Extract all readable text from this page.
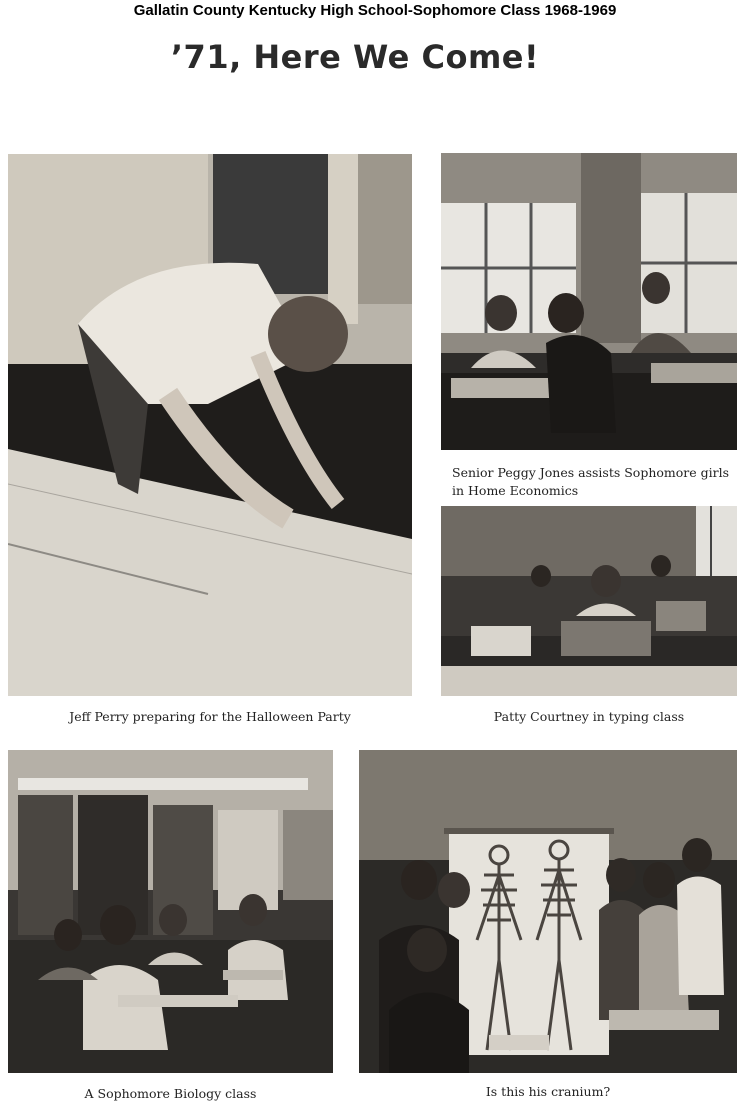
Gallatin County Kentucky High School-Sophomore Class 1968-1969
’71, Here We Come!
Jeff Perry preparing for the Halloween Party
Senior Peggy Jones assists Sophomore girls in Home Economics
Patty Courtney in typing class
A Sophomore Biology class	Is this his cranium?
